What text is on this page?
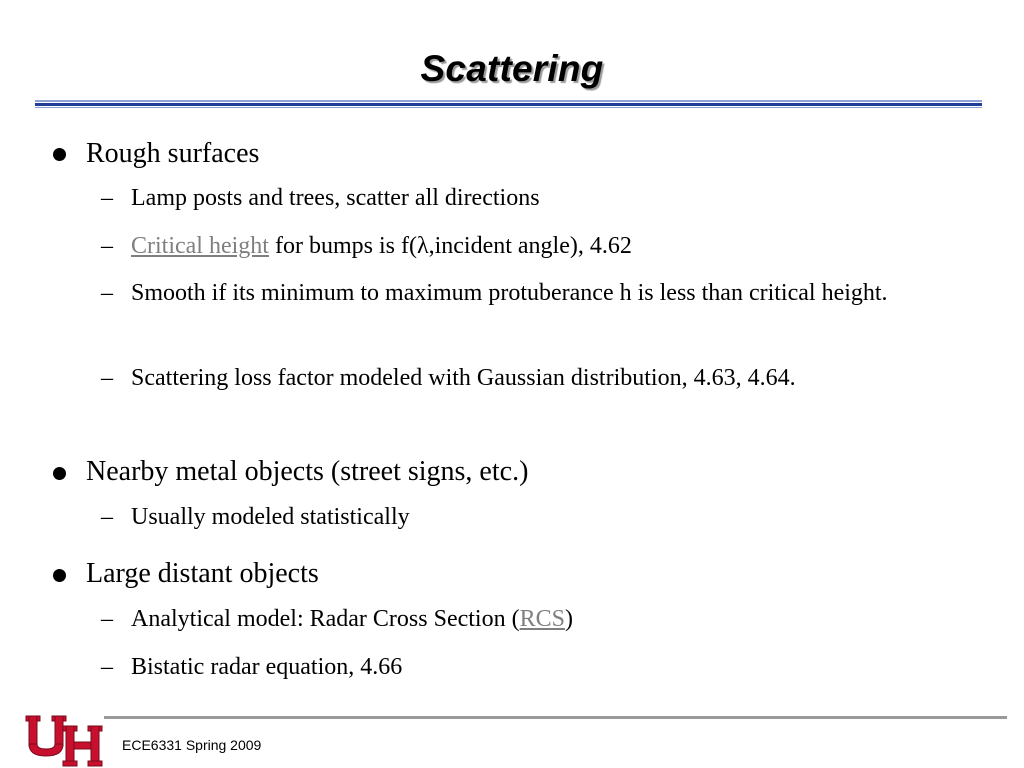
Scattering
Rough surfaces
– Lamp posts and trees, scatter all directions
– Critical height for bumps is f(λ,incident angle), 4.62
– Smooth if its minimum to maximum protuberance h is less than critical height.
– Scattering loss factor modeled with Gaussian distribution, 4.63, 4.64.
Nearby metal objects (street signs, etc.)
– Usually modeled statistically
Large distant objects
– Analytical model: Radar Cross Section (RCS)
– Bistatic radar equation, 4.66
ECE6331 Spring 2009
